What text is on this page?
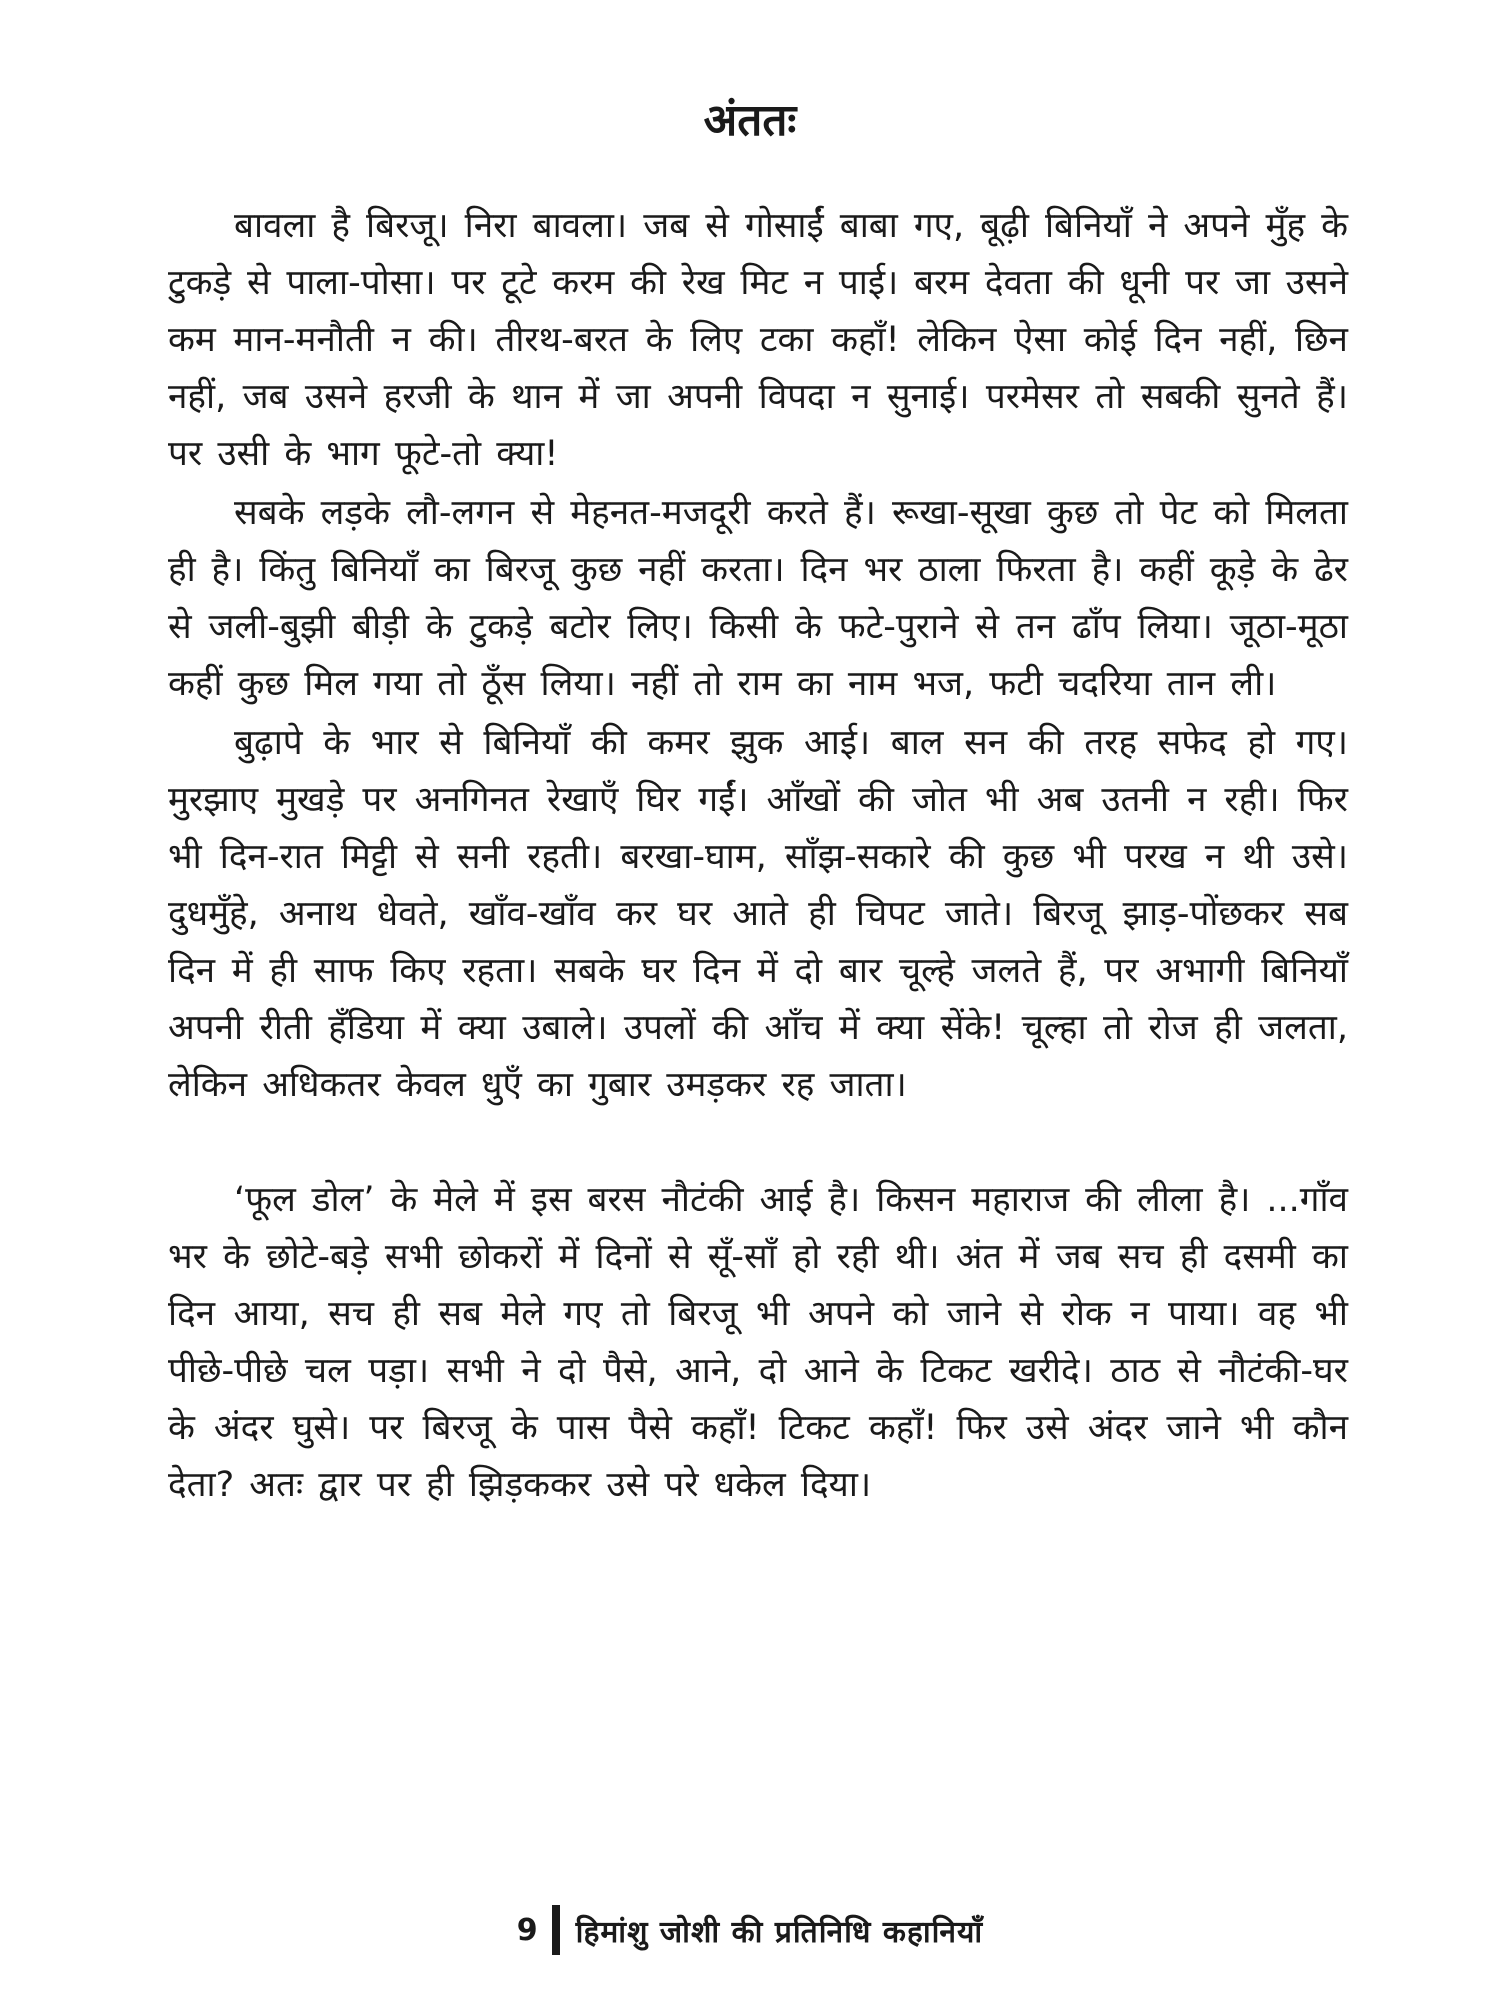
अंततः

बावला है बिरजू। निरा बावला। जब से गोसाईं बाबा गए, बूढ़ी बिनियाँ ने अपने मुँह के टुकड़े से पाला-पोसा। पर टूटे करम की रेख मिट न पाई। बरम देवता की धूनी पर जा उसने कम मान-मनौती न की। तीरथ-बरत के लिए टका कहाँ! लेकिन ऐसा कोई दिन नहीं, छिन नहीं, जब उसने हरजी के थान में जा अपनी विपदा न सुनाई। परमेसर तो सबकी सुनते हैं। पर उसी के भाग फूटे-तो क्या!

सबके लड़के लौ-लगन से मेहनत-मजदूरी करते हैं। रूखा-सूखा कुछ तो पेट को मिलता ही है। किंतु बिनियाँ का बिरजू कुछ नहीं करता। दिन भर ठाला फिरता है। कहीं कूड़े के ढेर से जली-बुझी बीड़ी के टुकड़े बटोर लिए। किसी के फटे-पुराने से तन ढाँप लिया। जूठा-मूठा कहीं कुछ मिल गया तो ठूँस लिया। नहीं तो राम का नाम भज, फटी चदरिया तान ली।

बुढ़ापे के भार से बिनियाँ की कमर झुक आई। बाल सन की तरह सफेद हो गए। मुरझाए मुखड़े पर अनगिनत रेखाएँ घिर गईं। आँखों की जोत भी अब उतनी न रही। फिर भी दिन-रात मिट्टी से सनी रहती। बरखा-घाम, साँझ-सकारे की कुछ भी परख न थी उसे। दुधमुँहे, अनाथ धेवते, खाँव-खाँव कर घर आते ही चिपट जाते। बिरजू झाड़-पोंछकर सब दिन में ही साफ किए रहता। सबके घर दिन में दो बार चूल्हे जलते हैं, पर अभागी बिनियाँ अपनी रीती हँडिया में क्या उबाले। उपलों की आँच में क्या सेंके! चूल्हा तो रोज ही जलता, लेकिन अधिकतर केवल धुएँ का गुबार उमड़कर रह जाता।

‘फूल डोल’ के मेले में इस बरस नौटंकी आई है। किसन महाराज की लीला है। ...गाँव भर के छोटे-बड़े सभी छोकरों में दिनों से सूँ-साँ हो रही थी। अंत में जब सच ही दसमी का दिन आया, सच ही सब मेले गए तो बिरजू भी अपने को जाने से रोक न पाया। वह भी पीछे-पीछे चल पड़ा। सभी ने दो पैसे, आने, दो आने के टिकट खरीदे। ठाठ से नौटंकी-घर के अंदर घुसे। पर बिरजू के पास पैसे कहाँ! टिकट कहाँ! फिर उसे अंदर जाने भी कौन देता? अतः द्वार पर ही झिड़ककर उसे परे धकेल दिया।

9 हिमांशु जोशी की प्रतिनिधि कहानियाँ
